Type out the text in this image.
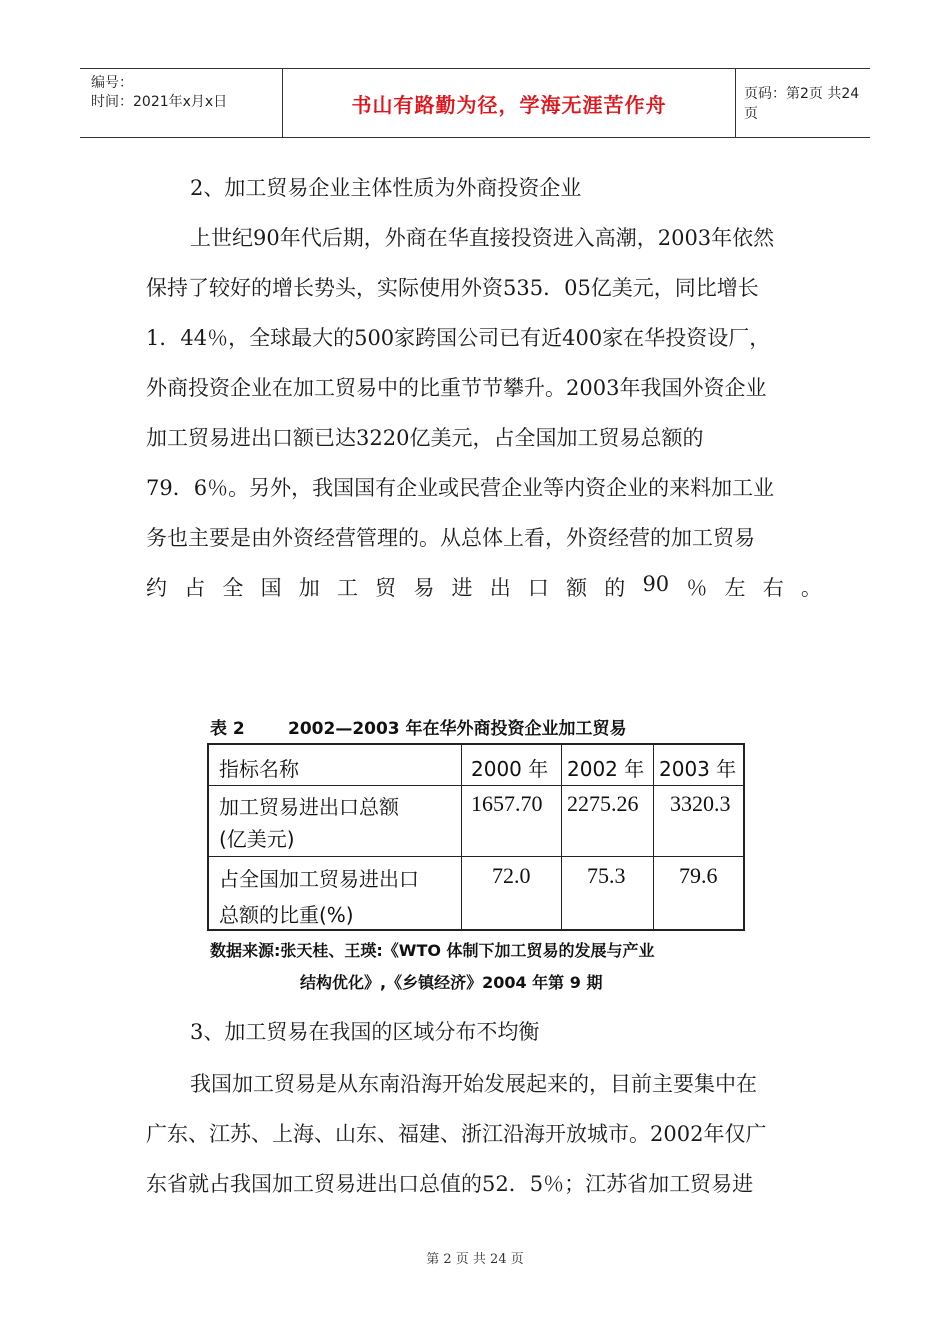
编号：
时间：2021年x月x日	书山有路勤为径，学海无涯苦作舟	页码：第2页 共24页
2、加工贸易企业主体性质为外商投资企业
上世纪90年代后期，外商在华直接投资进入高潮，2003年依然
保持了较好的增长势头，实际使用外资535．05亿美元，同比增长
1．44％，全球最大的500家跨国公司已有近400家在华投资设厂，
外商投资企业在加工贸易中的比重节节攀升。2003年我国外资企业
加工贸易进出口额已达3220亿美元，占全国加工贸易总额的
79．6％。另外，我国国有企业或民营企业等内资企业的来料加工业
务也主要是由外资经营管理的。从总体上看，外资经营的加工贸易
约 占 全 国 加 工 贸 易 进 出 口 额 的 90 ％ 左 右 。
表 2	2002—2003 年在华外商投资企业加工贸易
指标名称	2000 年 2002 年 2003 年
加工贸易进出口总额
(亿美元)
1657.70 2275.26 3320.3
占全国加工贸易进出口
总额的比重(%)
72.0	75.3 79.6
数据来源:张天桂、王瑛:《WTO 体制下加工贸易的发展与产业
结构优化》,《乡镇经济》2004 年第 9 期
3、加工贸易在我国的区域分布不均衡
我国加工贸易是从东南沿海开始发展起来的，目前主要集中在
广东、江苏、上海、山东、福建、浙江沿海开放城市。2002年仅广
东省就占我国加工贸易进出口总值的52．5％；江苏省加工贸易进
第 2 页 共 24 页
